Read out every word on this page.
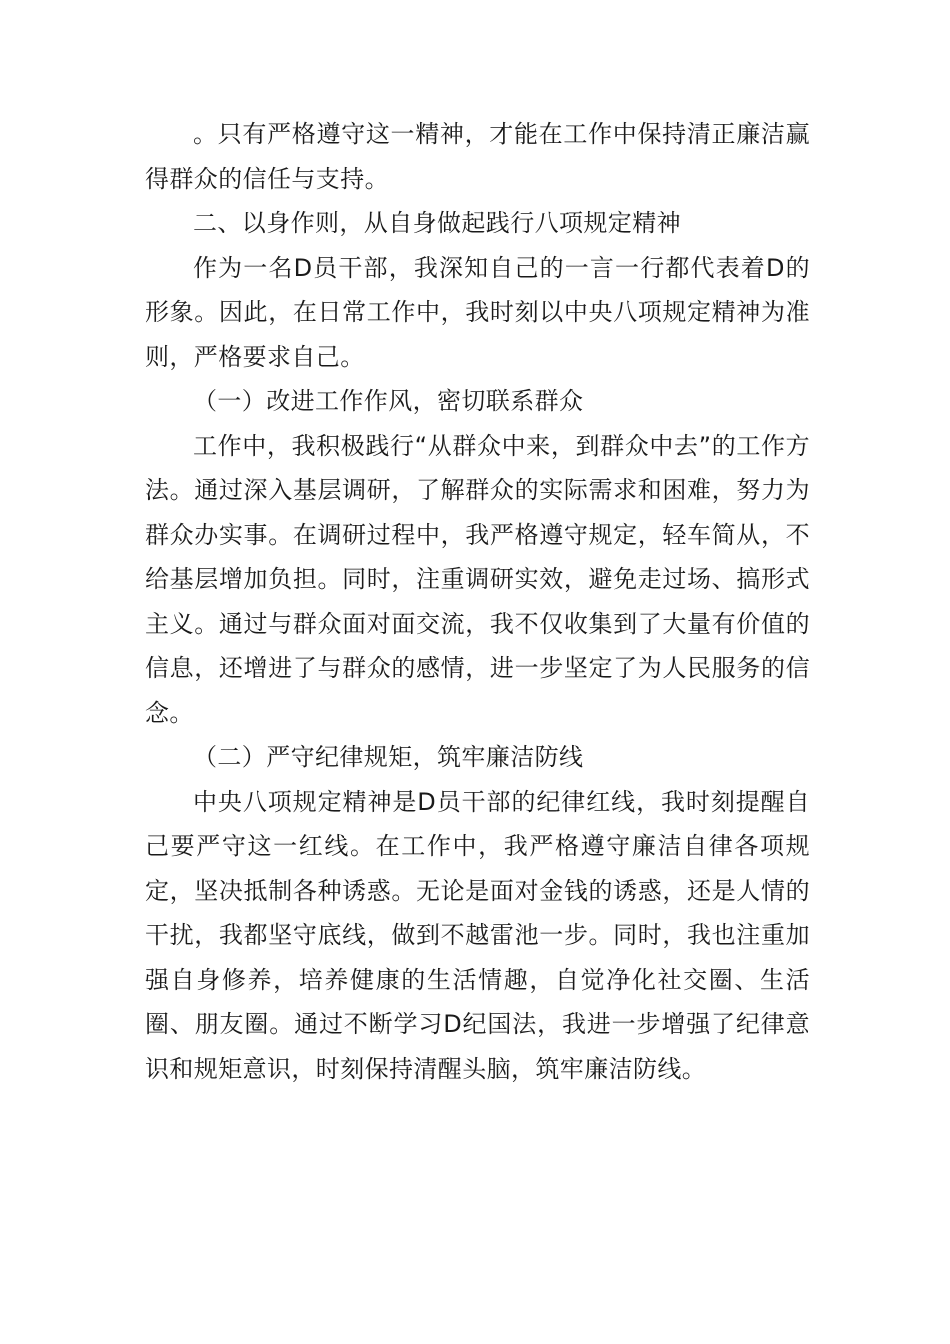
。只有严格遵守这一精神，才能在工作中保持清正廉洁赢得群众的信任与支持。

二、以身作则，从自身做起践行八项规定精神

作为一名D员干部，我深知自己的一言一行都代表着D的形象。因此，在日常工作中，我时刻以中央八项规定精神为准则，严格要求自己。

（一）改进工作作风，密切联系群众

工作中，我积极践行“从群众中来，到群众中去”的工作方法。通过深入基层调研，了解群众的实际需求和困难，努力为群众办实事。在调研过程中，我严格遵守规定，轻车简从，不给基层增加负担。同时，注重调研实效，避免走过场、搞形式主义。通过与群众面对面交流，我不仅收集到了大量有价值的信息，还增进了与群众的感情，进一步坚定了为人民服务的信念。

（二）严守纪律规矩，筑牢廉洁防线

中央八项规定精神是D员干部的纪律红线，我时刻提醒自己要严守这一红线。在工作中，我严格遵守廉洁自律各项规定，坚决抵制各种诱惑。无论是面对金钱的诱惑，还是人情的干扰，我都坚守底线，做到不越雷池一步。同时，我也注重加强自身修养，培养健康的生活情趣，自觉净化社交圈、生活圈、朋友圈。通过不断学习D纪国法，我进一步增强了纪律意识和规矩意识，时刻保持清醒头脑，筑牢廉洁防线。
